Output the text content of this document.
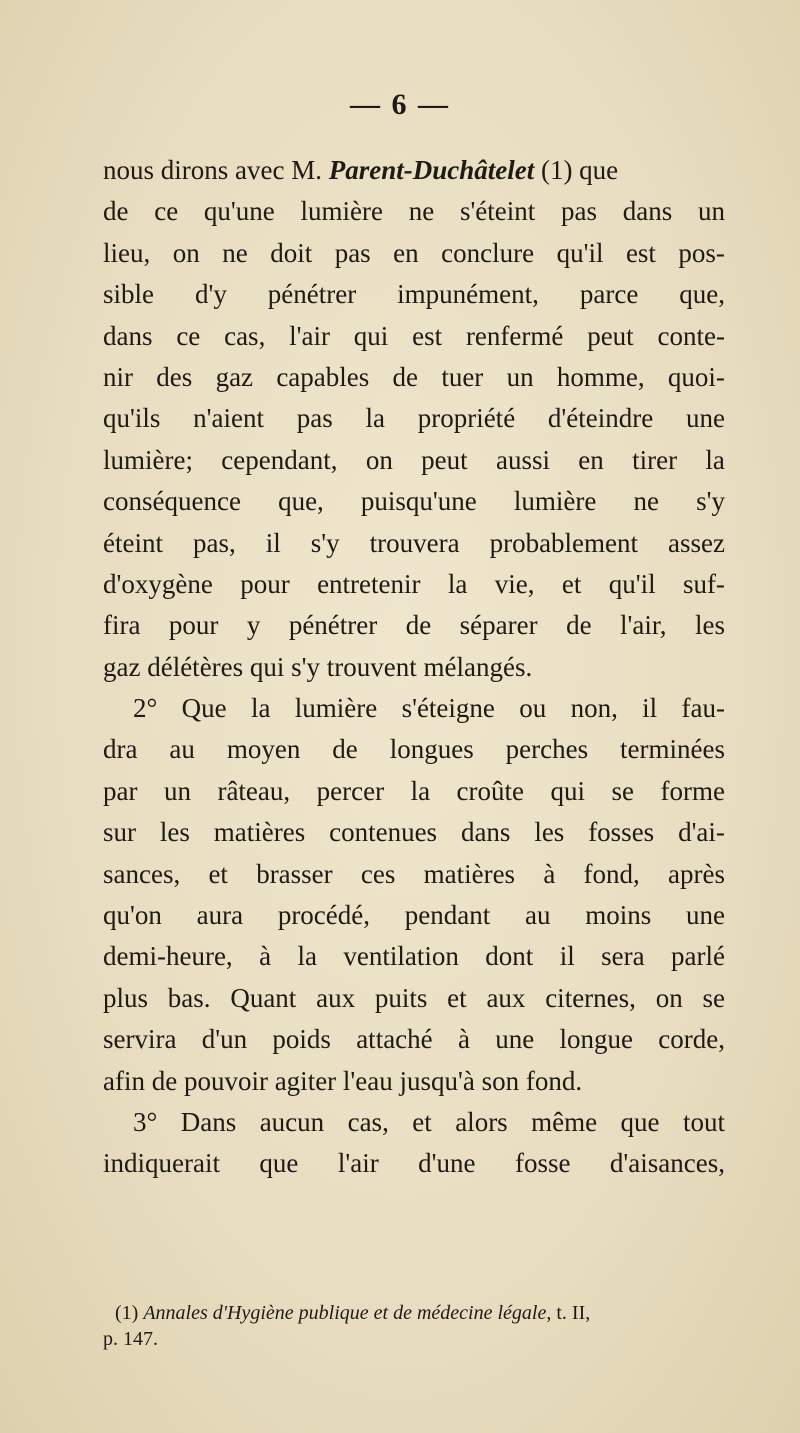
— 6 —
nous dirons avec M. Parent-Duchâtelet (1) que
de ce qu'une lumière ne s'éteint pas dans un
lieu, on ne doit pas en conclure qu'il est pos-
sible d'y pénétrer impunément, parce que,
dans ce cas, l'air qui est renfermé peut conte-
nir des gaz capables de tuer un homme, quoi-
qu'ils n'aient pas la propriété d'éteindre une
lumière; cependant, on peut aussi en tirer la
conséquence que, puisqu'une lumière ne s'y
éteint pas, il s'y trouvera probablement assez
d'oxygène pour entretenir la vie, et qu'il suf-
fira pour y pénétrer de séparer de l'air, les
gaz délétères qui s'y trouvent mélangés.
2° Que la lumière s'éteigne ou non, il fau-
dra au moyen de longues perches terminées
par un râteau, percer la croûte qui se forme
sur les matières contenues dans les fosses d'ai-
sances, et brasser ces matières à fond, après
qu'on aura procédé, pendant au moins une
demi-heure, à la ventilation dont il sera parlé
plus bas. Quant aux puits et aux citernes, on se
servira d'un poids attaché à une longue corde,
afin de pouvoir agiter l'eau jusqu'à son fond.
3° Dans aucun cas, et alors même que tout
indiquerait que l'air d'une fosse d'aisances,
(1) Annales d'Hygiène publique et de médecine légale, t. II,
p. 147.
